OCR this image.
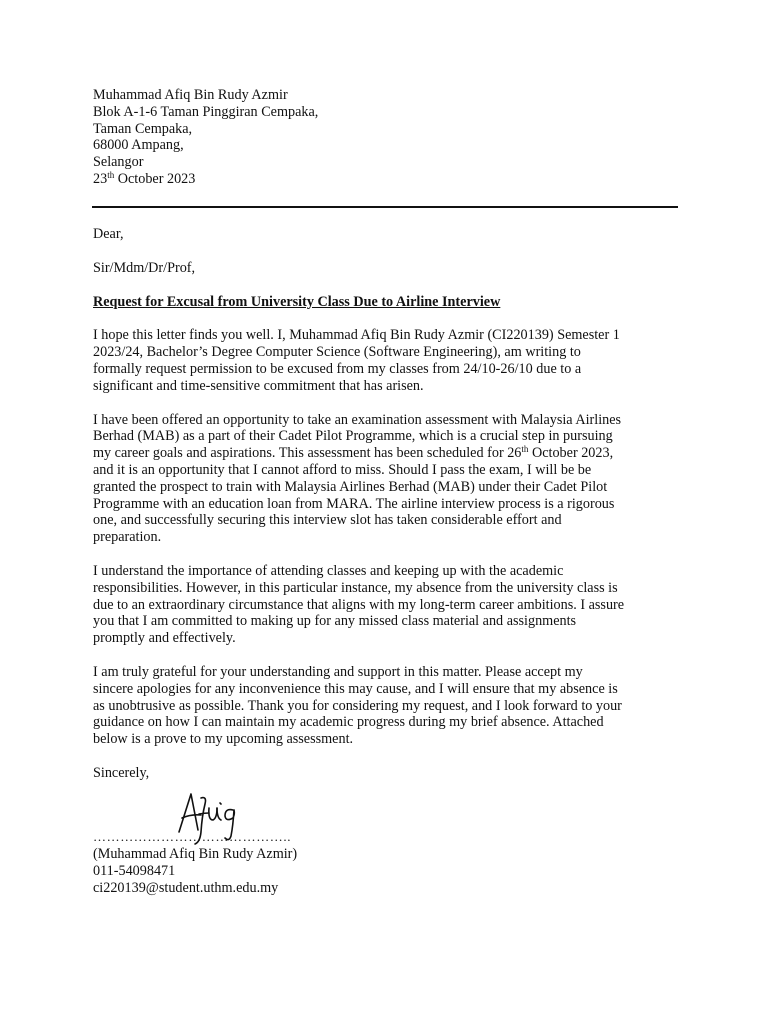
Muhammad Afiq Bin Rudy Azmir
Blok A-1-6 Taman Pinggiran Cempaka,
Taman Cempaka,
68000 Ampang,
Selangor
23th October 2023
Dear,
Sir/Mdm/Dr/Prof,
Request for Excusal from University Class Due to Airline Interview
I hope this letter finds you well. I, Muhammad Afiq Bin Rudy Azmir (CI220139) Semester 1
2023/24, Bachelor’s Degree Computer Science (Software Engineering), am writing to
formally request permission to be excused from my classes from 24/10-26/10 due to a
significant and time-sensitive commitment that has arisen.
I have been offered an opportunity to take an examination assessment with Malaysia Airlines
Berhad (MAB) as a part of their Cadet Pilot Programme, which is a crucial step in pursuing
my career goals and aspirations. This assessment has been scheduled for 26th October 2023,
and it is an opportunity that I cannot afford to miss. Should I pass the exam, I will be be
granted the prospect to train with Malaysia Airlines Berhad (MAB) under their Cadet Pilot
Programme with an education loan from MARA. The airline interview process is a rigorous
one, and successfully securing this interview slot has taken considerable effort and
preparation.
I understand the importance of attending classes and keeping up with the academic
responsibilities. However, in this particular instance, my absence from the university class is
due to an extraordinary circumstance that aligns with my long-term career ambitions. I assure
you that I am committed to making up for any missed class material and assignments
promptly and effectively.
I am truly grateful for your understanding and support in this matter. Please accept my
sincere apologies for any inconvenience this may cause, and I will ensure that my absence is
as unobtrusive as possible. Thank you for considering my request, and I look forward to your
guidance on how I can maintain my academic progress during my brief absence. Attached
below is a prove to my upcoming assessment.
Sincerely,
……………………………………..
(Muhammad Afiq Bin Rudy Azmir)
011-54098471
ci220139@student.uthm.edu.my
